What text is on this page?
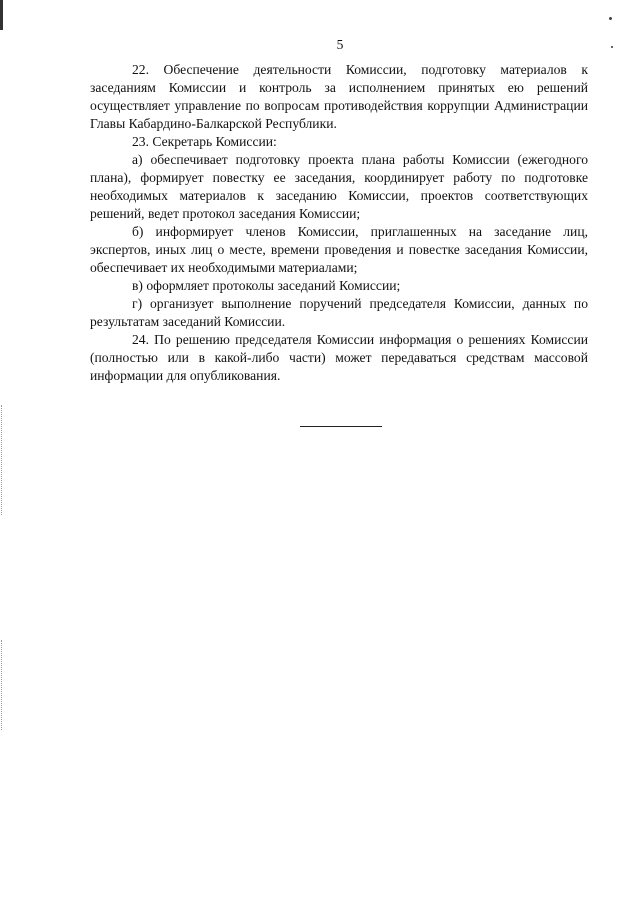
5

22. Обеспечение деятельности Комиссии, подготовку материалов к заседаниям Комиссии и контроль за исполнением принятых ею решений осуществляет управление по вопросам противодействия коррупции Администрации Главы Кабардино-Балкарской Республики.

23. Секретарь Комиссии:

а) обеспечивает подготовку проекта плана работы Комиссии (ежегодного плана), формирует повестку ее заседания, координирует работу по подготовке необходимых материалов к заседанию Комиссии, проектов соответствующих решений, ведет протокол заседания Комиссии;

б) информирует членов Комиссии, приглашенных на заседание лиц, экспертов, иных лиц о месте, времени проведения и повестке заседания Комиссии, обеспечивает их необходимыми материалами;

в) оформляет протоколы заседаний Комиссии;

г) организует выполнение поручений председателя Комиссии, данных по результатам заседаний Комиссии.

24. По решению председателя Комиссии информация о решениях Комиссии (полностью или в какой-либо части) может передаваться средствам массовой информации для опубликования.
